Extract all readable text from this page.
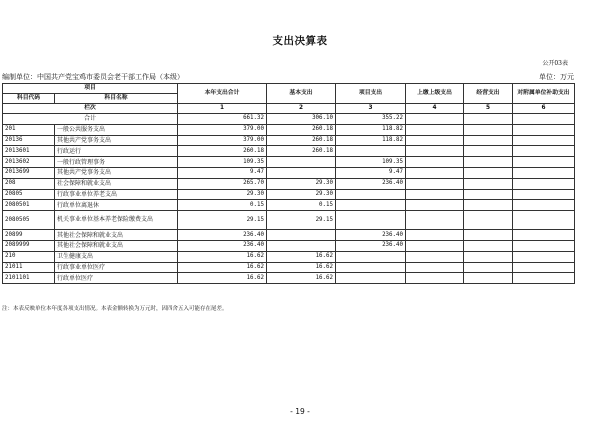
支出决算表
公开03表
编制单位：中国共产党宝鸡市委员会老干部工作局（本级）	单位：万元
项目		本年支出合计	基本支出	项目支出	上缴上级支出	经营支出	对附属单位补助支出
科目代码	科目名称						
栏次		1	2	3	4	5	6
合计		661.32	306.10	355.22			
201	一般公共服务支出	379.00	260.18	118.82			
20136	其他共产党事务支出	379.00	260.18	118.82			
2013601	行政运行	260.18	260.18				
2013602	一般行政管理事务	109.35		109.35			
2013699	其他共产党事务支出	9.47		9.47			
208	社会保障和就业支出	265.70	29.30	236.40			
20805	行政事业单位养老支出	29.30	29.30				
2080501	行政单位离退休	0.15	0.15				
2080505	机关事业单位基本养老保险缴费支出	29.15	29.15				
20899	其他社会保障和就业支出	236.40		236.40			
2089999	其他社会保障和就业支出	236.40		236.40			
210	卫生健康支出	16.62	16.62				
21011	行政事业单位医疗	16.62	16.62				
2101101	行政单位医疗	16.62	16.62				
注：本表反映单位本年度各项支出情况。本表金额转换为万元时，因四舍五入可能存在尾差。
- 19 -
